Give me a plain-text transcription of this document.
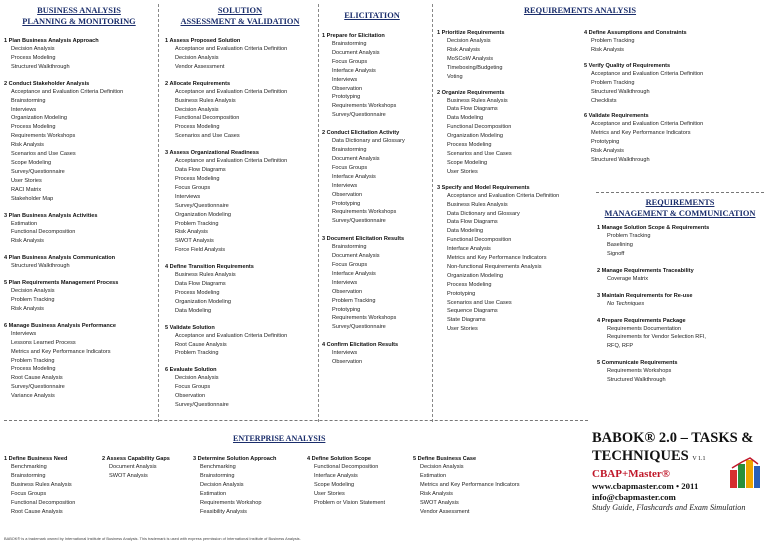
BUSINESS ANALYSIS
PLANNING & MONITORING
SOLUTION
ASSESSMENT & VALIDATION
ELICITATION
REQUIREMENTS ANALYSIS
1 Plan Business Analysis Approach
Decision Analysis
Process Modeling
Structured Walkthrough
2 Conduct Stakeholder Analysis
Acceptance and Evaluation Criteria Definition
Brainstorming
Interviews
Organization Modeling
Process Modeling
Requirements Workshops
Risk Analysis
Scenarios and Use Cases
Scope Modeling
Survey/Questionnaire
User Stories
RACI Matrix
Stakeholder Map
3 Plan Business Analysis Activities
Estimation
Functional Decomposition
Risk Analysis
4 Plan Business Analysis Communication
Structured Walkthrough
5 Plan Requirements Management Process
Decision Analysis
Problem Tracking
Risk Analysis
6 Manage Business Analysis Performance
Interviews
Lessons Learned Process
Metrics and Key Performance Indicators
Problem Tracking
Process Modeling
Root Cause Analysis
Survey/Questionnaire
Variance Analysis
1 Assess Proposed Solution
Acceptance and Evaluation Criteria Definition
Decision Analysis
Vendor Assessment
2 Allocate Requirements
Acceptance and Evaluation Criteria Definition
Business Rules Analysis
Decision Analysis
Functional Decomposition
Process Modeling
Scenarios and Use Cases
3 Assess Organizational Readiness
Acceptance and Evaluation Criteria Definition
Data Flow Diagrams
Process Modeling
Focus Groups
Interviews
Survey/Questionnaire
Organization Modeling
Problem Tracking
Risk Analysis
SWOT Analysis
Force Field Analysis
4 Define Transition Requirements
Business Rules Analysis
Data Flow Diagrams
Process Modeling
Organization Modeling
Data Modeling
5 Validate Solution
Acceptance and Evaluation Criteria Definition
Root Cause Analysis
Problem Tracking
6 Evaluate Solution
Decision Analysis
Focus Groups
Observation
Survey/Questionnaire
1 Prepare for Elicitation
Brainstorming
Document Analysis
Focus Groups
Interface Analysis
Interviews
Observation
Prototyping
Requirements Workshops
Survey/Questionnaire
2 Conduct Elicitation Activity
Data Dictionary and Glossary
Brainstorming
Document Analysis
Focus Groups
Interface Analysis
Interviews
Observation
Prototyping
Requirements Workshops
Survey/Questionnaire
3 Document Elicitation Results
Brainstorming
Document Analysis
Focus Groups
Interface Analysis
Interviews
Observation
Problem Tracking
Prototyping
Requirements Workshops
Survey/Questionnaire
4 Confirm Elicitation Results
Interviews
Observation
1 Prioritize Requirements
Decision Analysis
Risk Analysis
MoSCoW Analysis
Timeboxing/Budgeting
Voting
2 Organize Requirements
Business Rules Analysis
Data Flow Diagrams
Data Modeling
Functional Decomposition
Organization Modeling
Process Modeling
Scenarios and Use Cases
Scope Modeling
User Stories
3 Specify and Model Requirements
Acceptance and Evaluation Criteria Definition
Business Rules Analysis
Data Dictionary and Glossary
Data Flow Diagrams
Data Modeling
Functional Decomposition
Interface Analysis
Metrics and Key Performance Indicators
Non-functional Requirements Analysis
Organization Modeling
Process Modeling
Prototyping
Scenarios and Use Cases
Sequence Diagrams
State Diagrams
User Stories
4 Define Assumptions and Constraints
Problem Tracking
Risk Analysis
5 Verify Quality of Requirements
Acceptance and Evaluation Criteria Definition
Problem Tracking
Structured Walkthrough
Checklists
6 Validate Requirements
Acceptance and Evaluation Criteria Definition
Metrics and Key Performance Indicators
Prototyping
Risk Analysis
Structured Walkthrough
REQUIREMENTS
MANAGEMENT & COMMUNICATION
1 Manage Solution Scope & Requirements
Problem Tracking
Baselining
Signoff
2 Manage Requirements Traceability
Coverage Matrix
3 Maintain Requirements for Re-use
No Techniques
4 Prepare Requirements Package
Requirements Documentation
Requirements for Vendor Selection RFI,
RFQ, RFP
5 Communicate Requirements
Requirements Workshops
Structured Walkthrough
ENTERPRISE ANALYSIS
1 Define Business Need
Benchmarking
Brainstorming
Business Rules Analysis
Focus Groups
Functional Decomposition
Root Cause Analysis
2 Assess Capability Gaps
Document Analysis
SWOT Analysis
3 Determine Solution Approach
Benchmarking
Brainstorming
Decision Analysis
Estimation
Requirements Workshop
Feasibility Analysis
4 Define Solution Scope
Functional Decomposition
Interface Analysis
Scope Modeling
User Stories
Problem or Vision Statement
5 Define Business Case
Decision Analysis
Estimation
Metrics and Key Performance Indicators
Risk Analysis
SWOT Analysis
Vendor Assessment
BABOK® 2.0 – TASKS &
TECHNIQUES V 1.1
CBAP+Master®
www.cbapmaster.com • 2011
info@cbapmaster.com
Study Guide, Flashcards and Exam Simulation
BABOK® is a trademark owned by International Institute of Business Analysis. This trademark is used with express permission of International Institute of Business Analysis.
